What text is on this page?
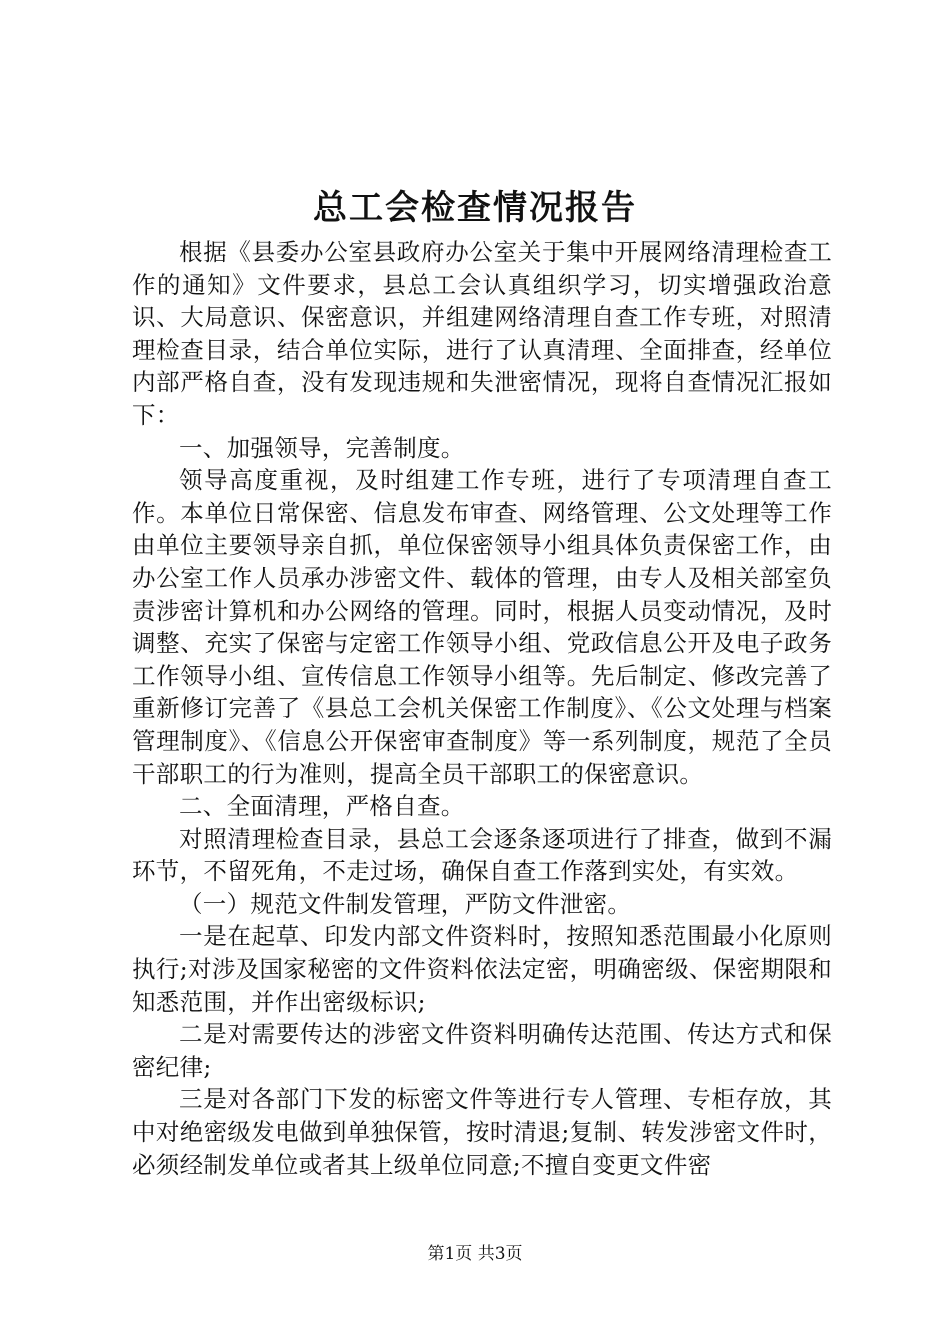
总工会检查情况报告

根据《县委办公室县政府办公室关于集中开展网络清理检查工作的通知》文件要求，县总工会认真组织学习，切实增强政治意识、大局意识、保密意识，并组建网络清理自查工作专班，对照清理检查目录，结合单位实际，进行了认真清理、全面排查，经单位内部严格自查，没有发现违规和失泄密情况，现将自查情况汇报如下：

一、加强领导，完善制度。

领导高度重视，及时组建工作专班，进行了专项清理自查工作。本单位日常保密、信息发布审查、网络管理、公文处理等工作由单位主要领导亲自抓，单位保密领导小组具体负责保密工作，由办公室工作人员承办涉密文件、载体的管理，由专人及相关部室负责涉密计算机和办公网络的管理。同时，根据人员变动情况，及时调整、充实了保密与定密工作领导小组、党政信息公开及电子政务工作领导小组、宣传信息工作领导小组等。先后制定、修改完善了重新修订完善了《县总工会机关保密工作制度》、《公文处理与档案管理制度》、《信息公开保密审查制度》等一系列制度，规范了全员干部职工的行为准则，提高全员干部职工的保密意识。

二、全面清理，严格自查。

对照清理检查目录，县总工会逐条逐项进行了排查，做到不漏环节，不留死角，不走过场，确保自查工作落到实处，有实效。

（一）规范文件制发管理，严防文件泄密。

一是在起草、印发内部文件资料时，按照知悉范围最小化原则执行;对涉及国家秘密的文件资料依法定密，明确密级、保密期限和知悉范围，并作出密级标识;

二是对需要传达的涉密文件资料明确传达范围、传达方式和保密纪律;

三是对各部门下发的标密文件等进行专人管理、专柜存放，其中对绝密级发电做到单独保管，按时清退;复制、转发涉密文件时，必须经制发单位或者其上级单位同意;不擅自变更文件密

第1页 共3页
